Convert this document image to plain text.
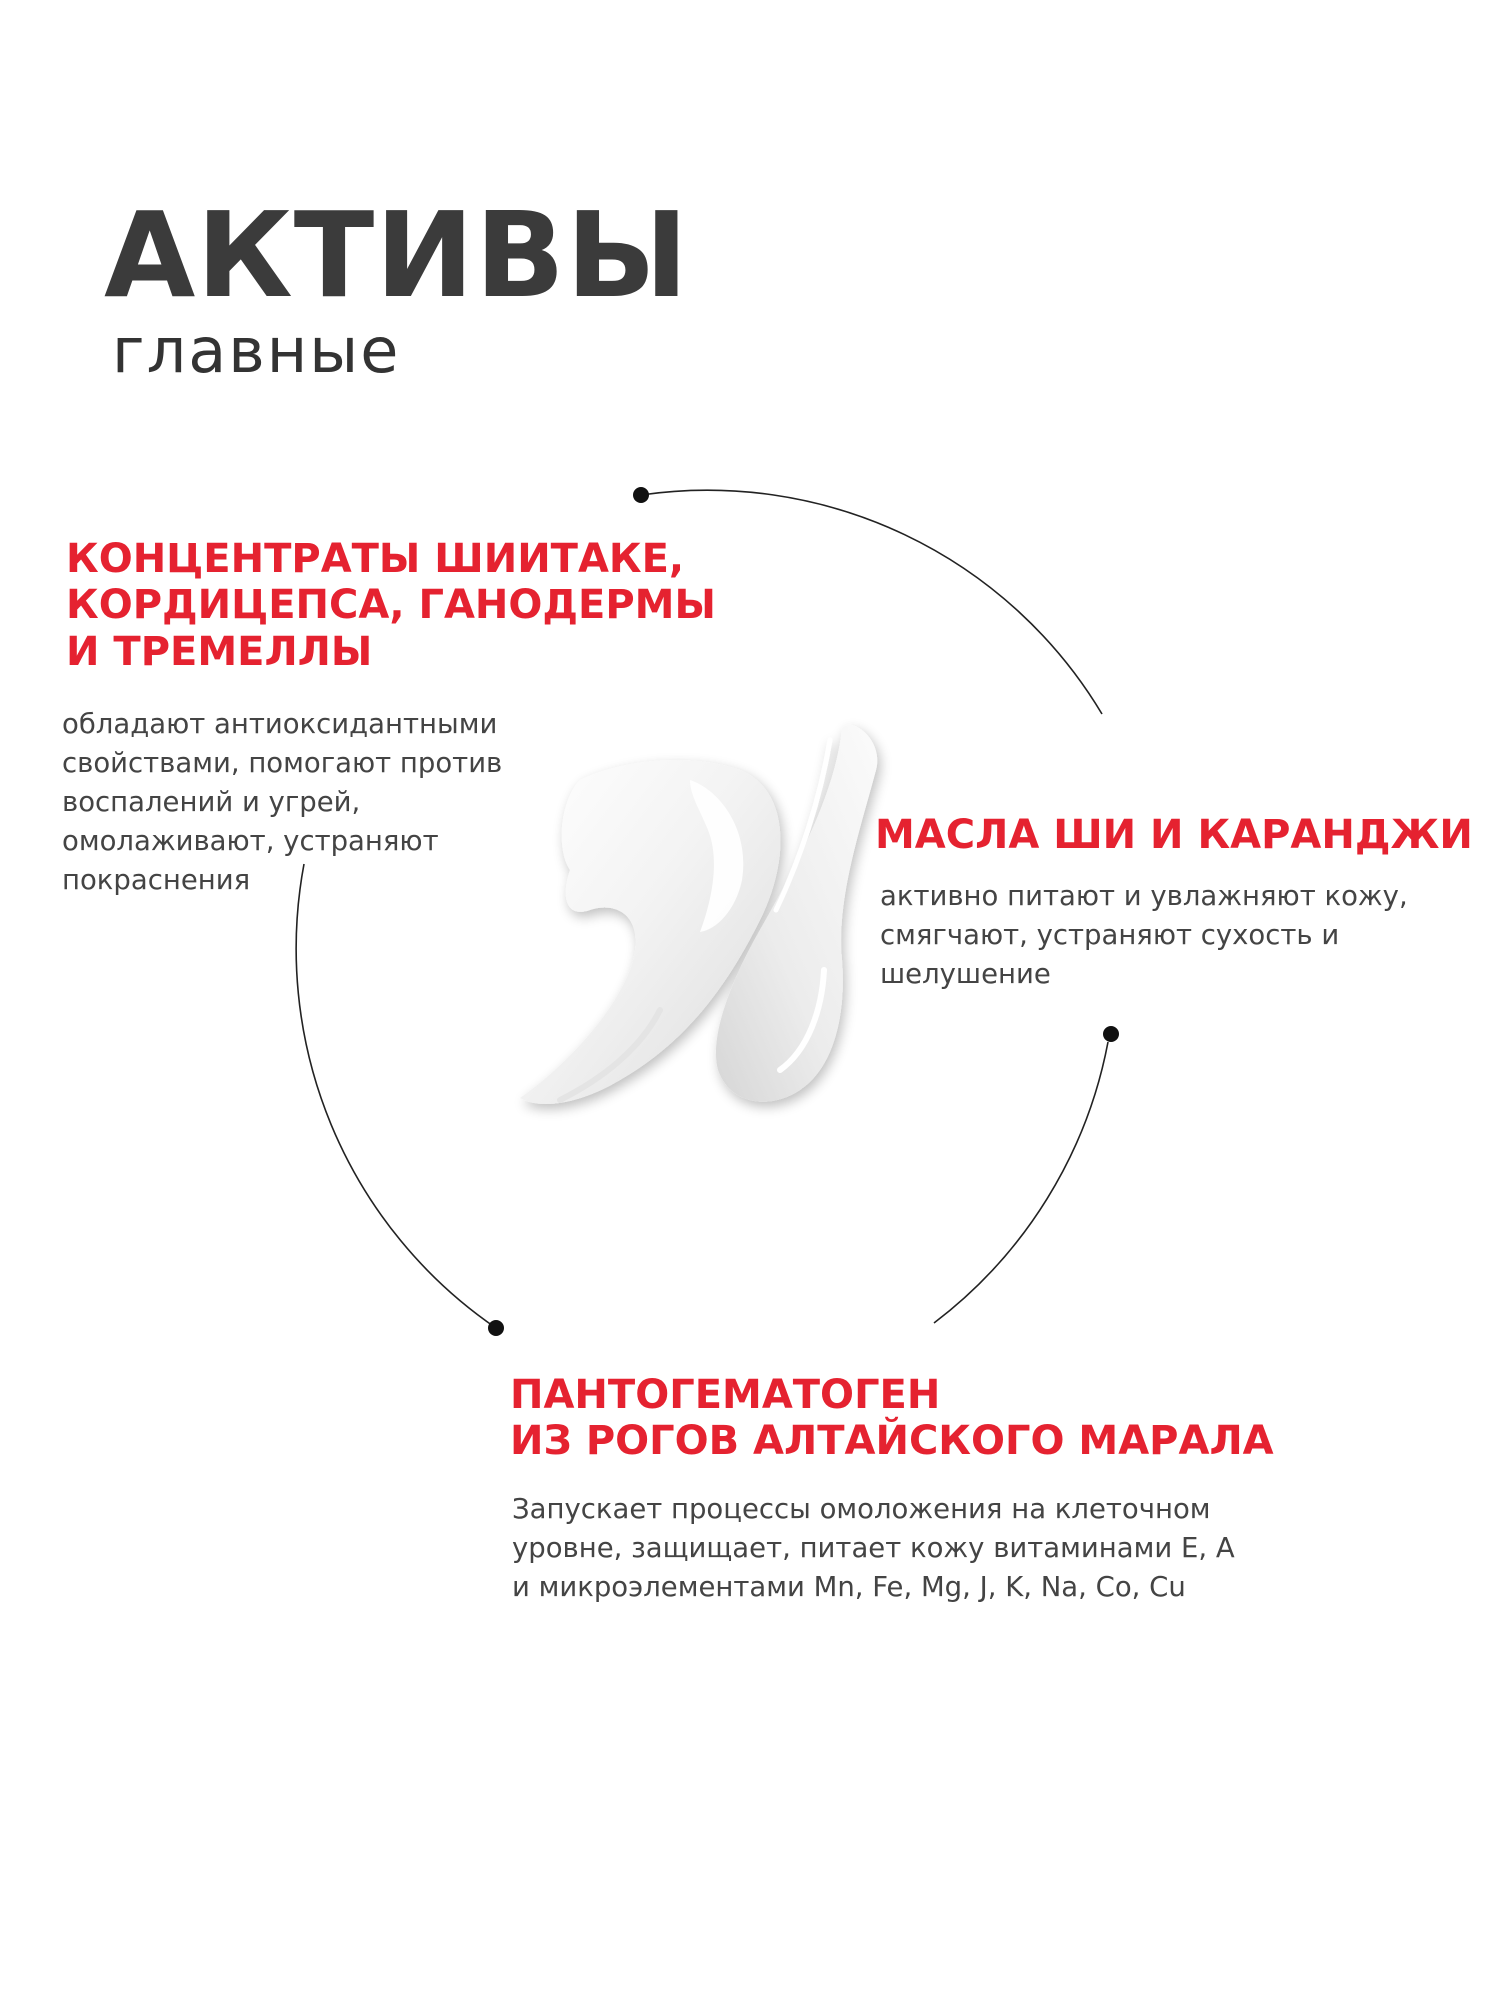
АКТИВЫ
главные
КОНЦЕНТРАТЫ ШИИТАКЕ,
КОРДИЦЕПСА, ГАНОДЕРМЫ
И ТРЕМЕЛЛЫ
обладают антиоксидантными
свойствами, помогают против
воспалений и угрей,
омолаживают, устраняют
покраснения
МАСЛА ШИ И КАРАНДЖИ
активно питают и увлажняют кожу,
смягчают, устраняют сухость и
шелушение
ПАНТОГЕМАТОГЕН
ИЗ РОГОВ АЛТАЙСКОГО МАРАЛА
Запускает процессы омоложения на клеточном
уровне, защищает, питает кожу витаминами Е, А
и микроэлементами Mn, Fe, Mg, J, K, Na, Co, Cu
